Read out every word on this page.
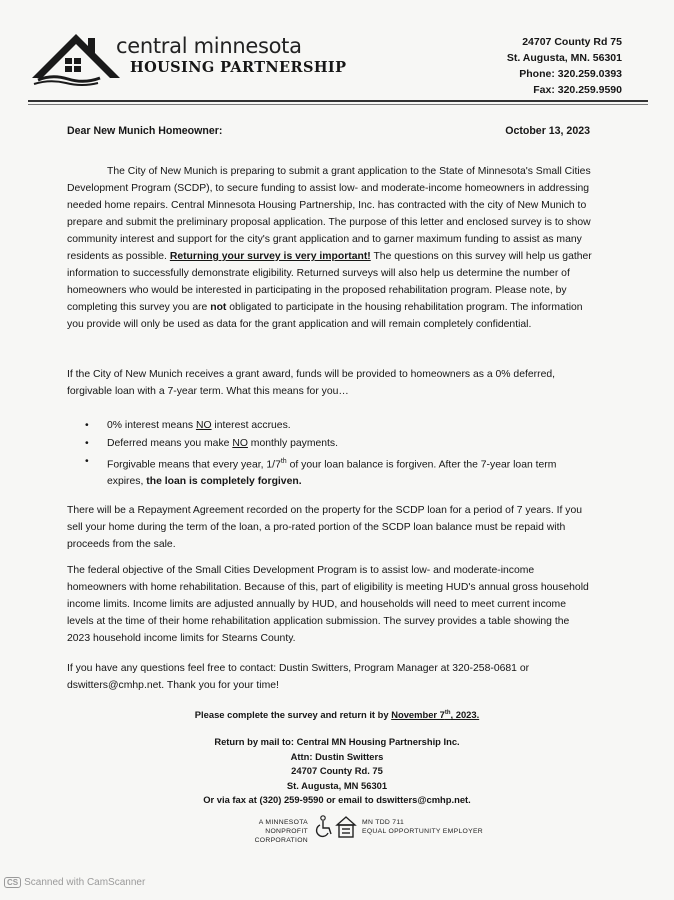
central minnesota
HOUSING PARTNERSHIP
24707 County Rd 75
St. Augusta, MN. 56301
Phone: 320.259.0393
Fax: 320.259.9590
Dear New Munich Homeowner:	October 13, 2023

The City of New Munich is preparing to submit a grant application to the State of Minnesota's Small Cities Development Program (SCDP), to secure funding to assist low- and moderate-income homeowners in addressing needed home repairs. Central Minnesota Housing Partnership, Inc. has contracted with the city of New Munich to prepare and submit the preliminary proposal application. The purpose of this letter and enclosed survey is to show community interest and support for the city's grant application and to garner maximum funding to assist as many residents as possible. Returning your survey is very important! The questions on this survey will help us gather information to successfully demonstrate eligibility. Returned surveys will also help us determine the number of homeowners who would be interested in participating in the proposed rehabilitation program. Please note, by completing this survey you are not obligated to participate in the housing rehabilitation program. The information you provide will only be used as data for the grant application and will remain completely confidential.

If the City of New Munich receives a grant award, funds will be provided to homeowners as a 0% deferred, forgivable loan with a 7-year term. What this means for you…

• 0% interest means NO interest accrues.
• Deferred means you make NO monthly payments.
• Forgivable means that every year, 1/7th of your loan balance is forgiven. After the 7-year loan term expires, the loan is completely forgiven.

There will be a Repayment Agreement recorded on the property for the SCDP loan for a period of 7 years. If you sell your home during the term of the loan, a pro-rated portion of the SCDP loan balance must be repaid with proceeds from the sale.

The federal objective of the Small Cities Development Program is to assist low- and moderate-income homeowners with home rehabilitation. Because of this, part of eligibility is meeting HUD's annual gross household income limits. Income limits are adjusted annually by HUD, and households will need to meet current income levels at the time of their home rehabilitation application submission. The survey provides a table showing the 2023 household income limits for Stearns County.

If you have any questions feel free to contact: Dustin Switters, Program Manager at 320-258-0681 or dswitters@cmhp.net. Thank you for your time!

Please complete the survey and return it by November 7th, 2023.
Return by mail to: Central MN Housing Partnership Inc.
Attn: Dustin Switters
24707 County Rd. 75
St. Augusta, MN 56301
Or via fax at (320) 259-9590 or email to dswitters@cmhp.net.
A MINNESOTA
NONPROFIT CORPORATION
MN TDD 711
EQUAL OPPORTUNITY EMPLOYER
CS Scanned with CamScanner
